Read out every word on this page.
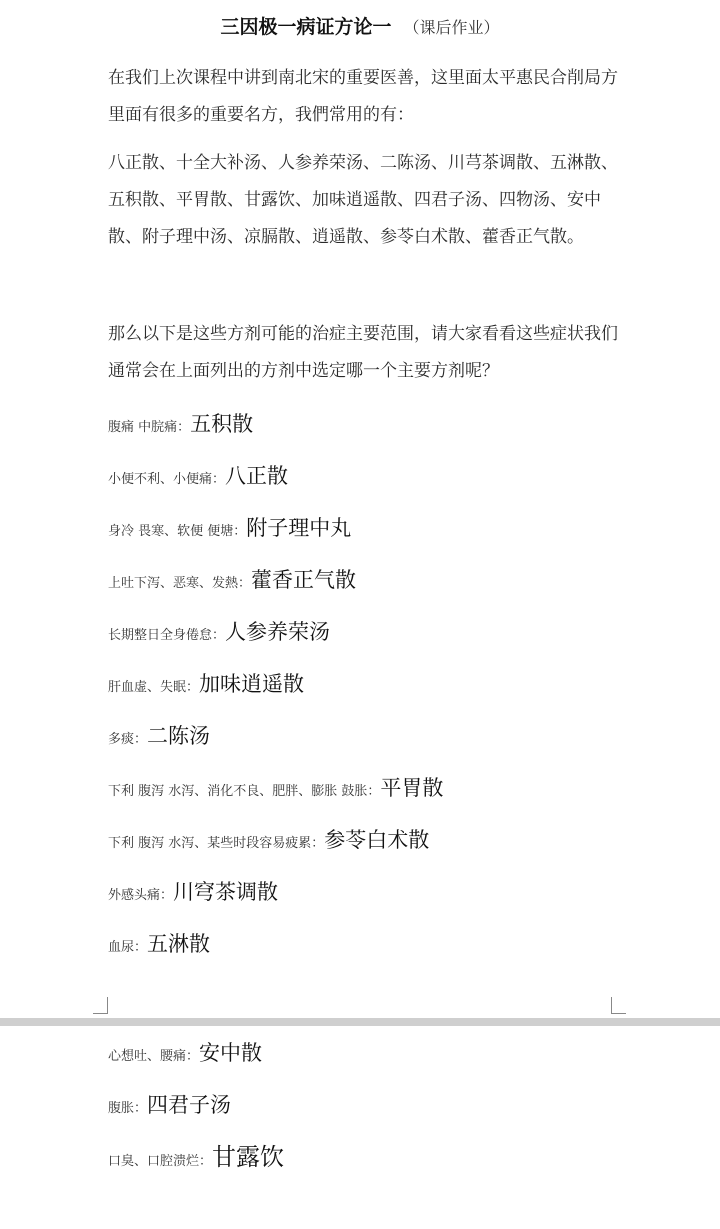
三因极一病证方论一 （课后作业）
在我们上次课程中讲到南北宋的重要医善，这里面太平惠民合削局方里面有很多的重要名方，我們常用的有：
八正散、十全大补汤、人参养荣汤、二陈汤、川芎茶调散、五淋散、五积散、平胃散、甘露饮、加味逍遥散、四君子汤、四物汤、安中散、附子理中汤、凉膈散、逍遥散、参苓白术散、藿香正气散。
那么以下是这些方剂可能的治症主要范围，请大家看看这些症状我们通常会在上面列出的方剂中选定哪一个主要方剂呢？
腹痛 中脘痛：五积散
小便不利、小便痛：八正散
身冷 畏寒、软便 便塘：附子理中丸
上吐下泻、恶寒、发熱：藿香正气散
长期整日全身倦怠：人参养荣汤
肝血虚、失眠：加味逍遥散
多痰：二陈汤
下利 腹泻 水泻、消化不良、肥胖、膨胀 鼓胀：平胃散
下利 腹泻 水泻、某些时段容易疲累：参苓白术散
外感头痛：川穹茶调散
血尿：五淋散
心想吐、腰痛：安中散
腹胀：四君子汤
口臭、口腔溃烂：甘露饮
